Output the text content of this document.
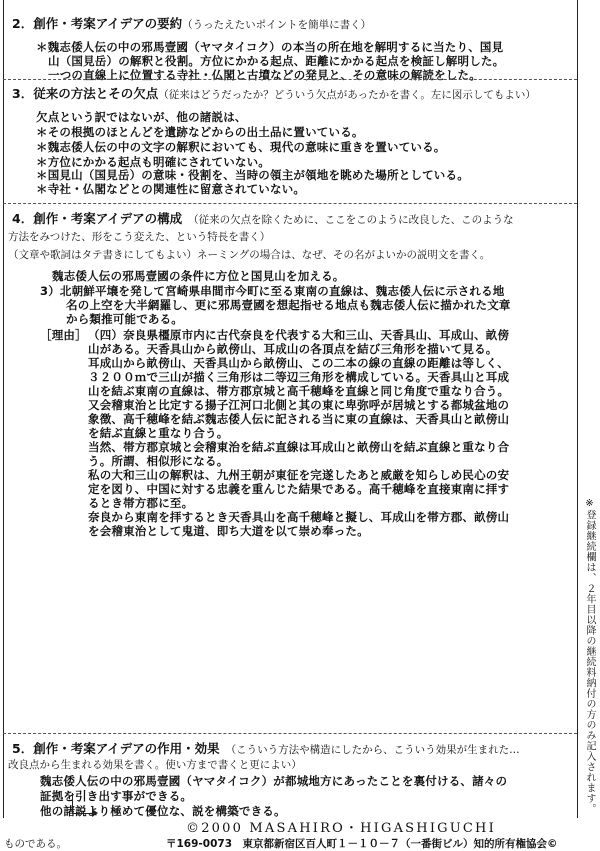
2．創作・考案アイデアの要約（うったえたいポイントを簡単に書く）
＊魏志倭人伝の中の邪馬壹國（ヤマタイコク）の本当の所在地を解明するに当たり、国見
山（国見岳）の解釈と役割。方位にかかる起点、距離にかかる起点を検証し解明した。
一つの直線上に位置する寺社・仏閣と古墳などの発見と、その意味の解読をした。
3．従来の方法とその欠点（従来はどうだったか？どういう欠点があったかを書く。左に図示してもよい）
欠点という訳ではないが、他の諸説は、
＊その根拠のほとんどを遺跡などからの出土品に置いている。
＊魏志倭人伝の中の文字の解釈においても、現代の意味に重きを置いている。
＊方位にかかる起点も明確にされていない。
＊国見山（国見岳）の意味・役割を、当時の領主が領地を眺めた場所としている。
＊寺社・仏閣などとの関連性に留意されていない。
4．創作・考案アイデアの構成 （従来の欠点を除くために、ここをこのように改良した、このような
方法をみつけた、形をこう変えた、という特長を書く）
（文章や歌詞はタテ書きにしてもよい）ネーミングの場合は、なぜ、その名がよいかの説明文を書く。
魏志倭人伝の邪馬壹國の条件に方位と国見山を加える。
3）北朝鮮平壌を発して宮崎県串間市今町に至る東南の直線は、魏志倭人伝に示される地
名の上空を大半網羅し、更に邪馬壹國を想起指せる地点も魏志倭人伝に描かれた文章
から類推可能である。
［理由］ （四）奈良県橿原市内に古代奈良を代表する大和三山、天香具山、耳成山、畝傍
山がある。天香具山から畝傍山、耳成山の各頂点を結び三角形を描いて見る。
耳成山から畝傍山、天香具山から畝傍山、この二本の線の直線の距離は等しく、
３２００ｍで三山が描く三角形は二等辺三角形を構成している。天香具山と耳成
山を結ぶ東南の直線は、帯方郡京城と高千穂峰を直線と同じ角度で重なり合う。
又会稽東治と比定する揚子江河口北側と其の東に卑弥呼が居城とする都城盆地の
象徴、高千穂峰を結ぶ魏志倭人伝に記される当に東の直線は、天香具山と畝傍山
を結ぶ直線と重なり合う。
当然、帯方郡京城と会稽東治を結ぶ直線は耳成山と畝傍山を結ぶ直線と重なり合
う。所謂、相似形になる。
私の大和三山の解釈は、九州王朝が東征を完遂したあと威厳を知らしめ民心の安
定を図り、中国に対する忠義を重んじた結果である。高千穂峰を直接東南に拝す
るとき帯方郡に至。
奈良から東南を拝するとき天香具山を高千穂峰と擬し、耳成山を帯方郡、畝傍山
を会稽東治として鬼道、即ち大道を以て崇め奉った。
5．創作・考案アイデアの作用・効果 （こういう方法や構造にしたから、こういう効果が生まれた…
改良点から生まれる効果を書く。使い方まで書くと更によい）
魏志倭人伝の中の邪馬壹國（ヤマタイコク）が都城地方にあったことを裏付ける、諸々の
証拠を引き出す事ができる。
他の諸説より極めて優位な、説を構築できる。
©2000 MASAHIRO・HIGASHIGUCHI
※登録継続欄は、２年目以降の継続料納付の方のみ記入されます。
ものである。	〒169-0073　東京都新宿区百人町１－１０－７（一番街ビル）知的所有権協会©
